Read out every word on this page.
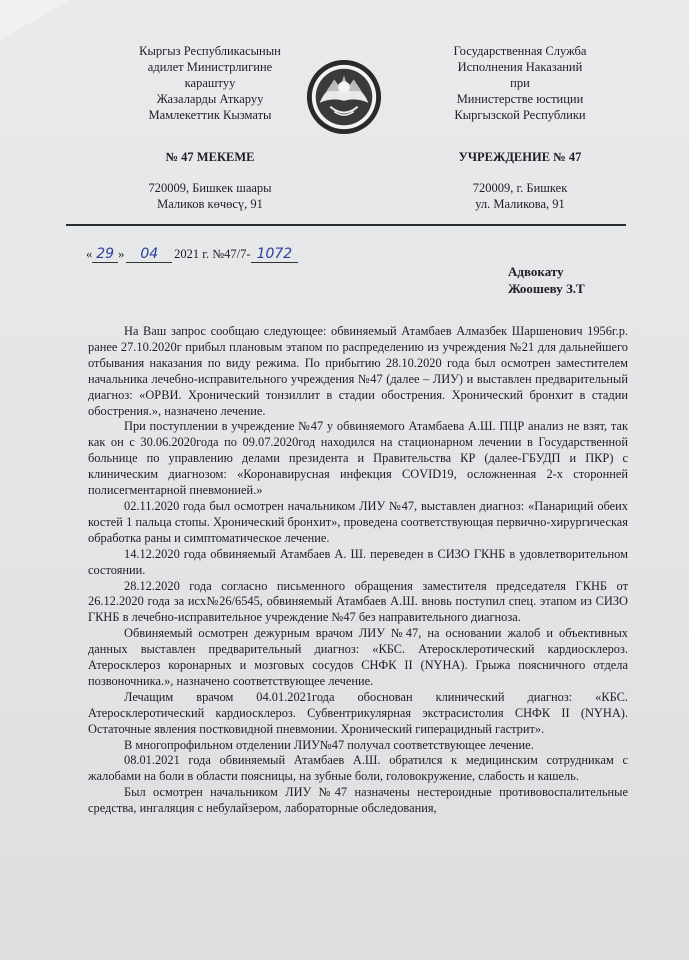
Кыргыз Республикасынын
адилет Министрлигине
караштуу
Жазаларды Аткаруу
Мамлекеттик Кызматы
Государственная Служба
Исполнения Наказаний
при
Министерстве юстиции
Кыргызской Республики
№ 47 МЕКЕМЕ	УЧРЕЖДЕНИЕ № 47
720009, Бишкек шаары
Маликов көчөсү, 91
720009, г. Бишкек
ул. Маликова, 91
« 29 » 04 2021 г. №47/7- 1072
Адвокату
Жоошеву З.Т

На Ваш запрос сообщаю следующее: обвиняемый Атамбаев Алмазбек Шаршенович 1956г.р. ранее 27.10.2020г прибыл плановым этапом по распределению из учреждения №21 для дальнейшего отбывания наказания по виду режима. По прибытию 28.10.2020 года был осмотрен заместителем начальника лечебно-исправительного учреждения №47 (далее – ЛИУ) и выставлен предварительный диагноз: «ОРВИ. Хронический тонзиллит в стадии обострения. Хронический бронхит в стадии обострения.», назначено лечение.

При поступлении в учреждение №47 у обвиняемого Атамбаева А.Ш. ПЦР анализ не взят, так как он с 30.06.2020года по 09.07.2020год находился на стационарном лечении в Государственной больнице по управлению делами президента и Правительства КР (далее-ГБУДП и ПКР) с клиническим диагнозом: «Коронавирусная инфекция COVID19, осложненная 2-х сторонней полисегментарной пневмонией.»

02.11.2020 года был осмотрен начальником ЛИУ №47, выставлен диагноз: «Панариций обеих костей 1 пальца стопы. Хронический бронхит», проведена соответствующая первично-хирургическая обработка раны и симптоматическое лечение.

14.12.2020 года обвиняемый Атамбаев А. Ш. переведен в СИЗО ГКНБ в удовлетворительном состоянии.

28.12.2020 года согласно письменного обращения заместителя председателя ГКНБ от 26.12.2020 года за исх№26/6545, обвиняемый Атамбаев А.Ш. вновь поступил спец. этапом из СИЗО ГКНБ в лечебно-исправительное учреждение №47 без направительного диагноза.

Обвиняемый осмотрен дежурным врачом ЛИУ №47, на основании жалоб и объективных данных выставлен предварительный диагноз: «КБС. Атеросклеротический кардиосклероз. Атеросклероз коронарных и мозговых сосудов СНФК II (NYHA). Грыжа поясничного отдела позвоночника.», назначено соответствующее лечение.

Лечащим врачом 04.01.2021года обоснован клинический диагноз: «КБС. Атеросклеротический кардиосклероз. Субвентрикулярная экстрасистолия СНФК II (NYHA). Остаточные явления постковидной пневмонии. Хронический гиперацидный гастрит».

В многопрофильном отделении ЛИУ№47 получал соответствующее лечение.

08.01.2021 года обвиняемый Атамбаев А.Ш. обратился к медицинским сотрудникам с жалобами на боли в области поясницы, на зубные боли, головокружение, слабость и кашель.

Был осмотрен начальником ЛИУ №47 назначены нестероидные противовоспалительные средства, ингаляция с небулайзером, лабораторные обследования,
